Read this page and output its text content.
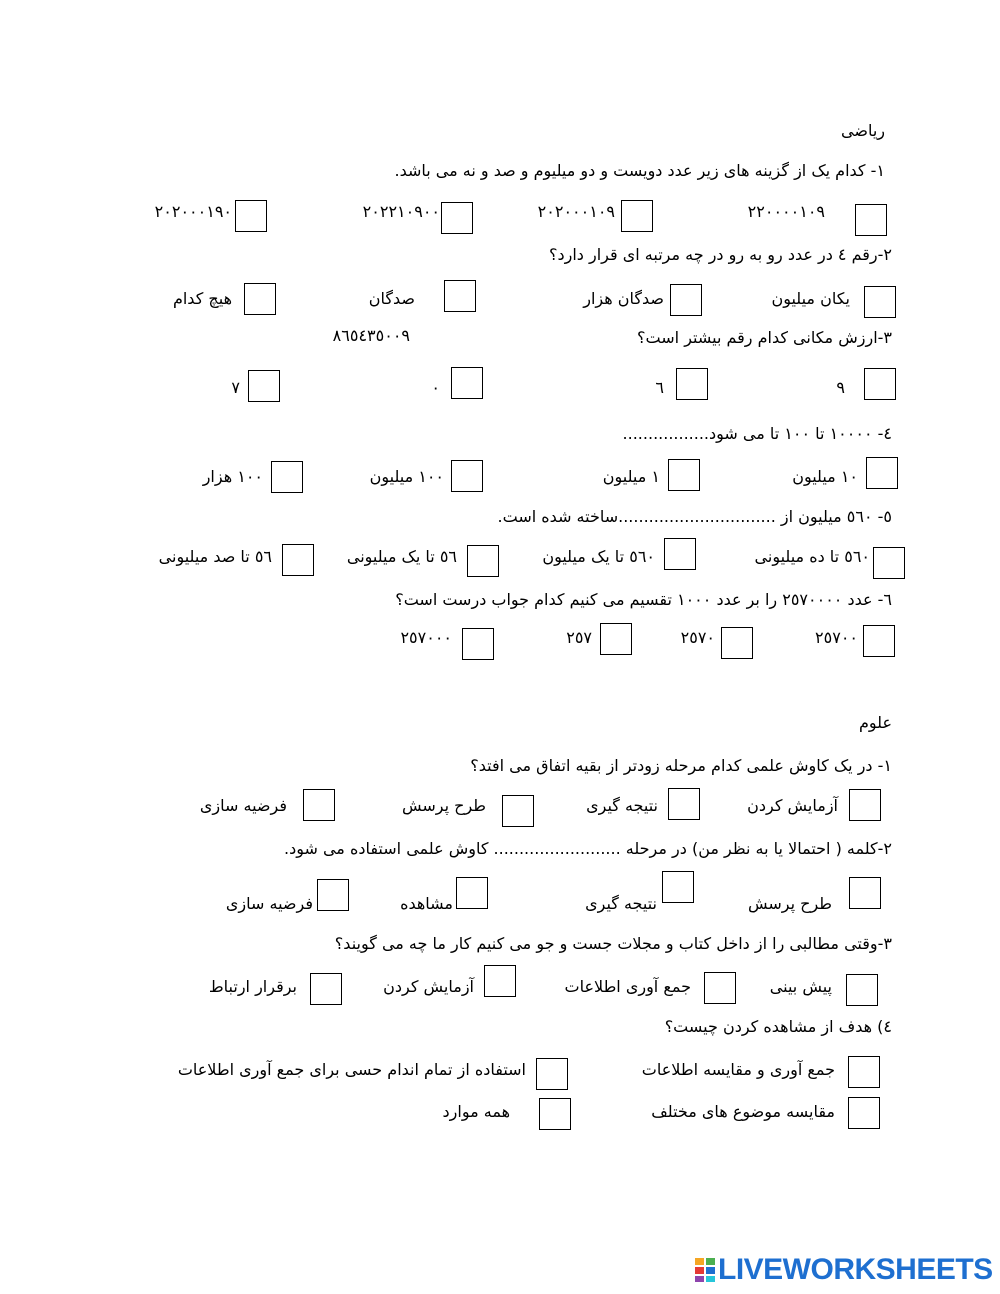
ریاضی
۱- کدام یک از گزینه های زیر عدد دویست و دو میلیوم و صد و نه می باشد.
۲۲۰۰۰۰۱۰۹
۲۰۲۰۰۰۱۰۹
۲۰۲۲۱۰۹۰۰
۲۰۲۰۰۰۱۹۰
۲-رقم ٤ در عدد رو به رو در چه مرتبه ای قرار دارد؟
یکان میلیون
صدگان هزار
صدگان
هیچ کدام
۳-ارزش مکانی کدام رقم بیشتر است؟
۸٦٥٤۳٥۰۰۹
۹
٦
۰
۷
٤- ۱۰۰۰۰ تا ۱۰۰ تا می شود.................
۱۰ میلیون
۱ میلیون
۱۰۰ میلیون
۱۰۰ هزار
٥- ٥٦۰ میلیون از ...............................ساخته شده است.
٥٦۰ تا ده میلیونی
٥٦۰ تا یک میلیون
٥٦ تا یک میلیونی
٥٦ تا صد میلیونی
٦- عدد ۲٥۷۰۰۰۰ را بر عدد ۱۰۰۰ تقسیم می کنیم کدام جواب درست است؟
۲٥۷۰۰
۲٥۷۰
۲٥۷
۲٥۷۰۰۰
علوم
۱- در یک کاوش علمی کدام مرحله زودتر از بقیه اتفاق می افتد؟
آزمایش کردن
نتیجه گیری
طرح پرسش
فرضیه سازی
۲-کلمه ( احتمالا یا به نظر من) در مرحله ......................... کاوش علمی استفاده می شود.
طرح پرسش
نتیجه گیری
مشاهده
فرضیه سازی
۳-وقتی مطالبی را از داخل کتاب و مجلات جست و جو می کنیم کار ما چه می گویند؟
پیش بینی
جمع آوری اطلاعات
آزمایش کردن
برقرار ارتباط
٤) هدف از مشاهده کردن چیست؟
جمع آوری و مقایسه اطلاعات
استفاده از تمام اندام حسی برای جمع آوری اطلاعات
مقایسه موضوع های مختلف
همه موارد
LIVEWORKSHEETS
